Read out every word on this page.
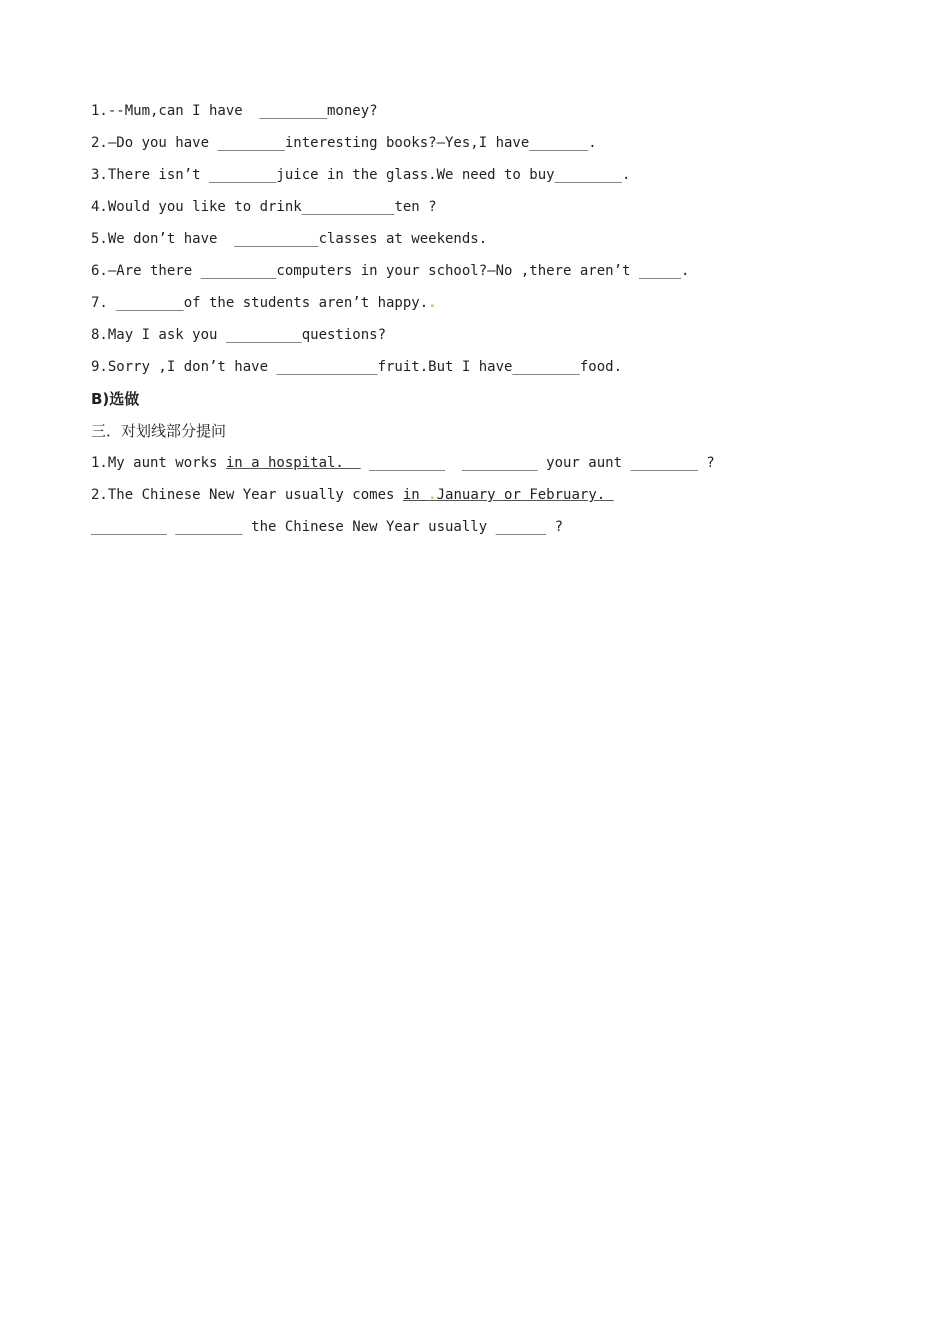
1.--Mum,can I have  ________money?
2.—Do you have ________interesting books?—Yes,I have_______.
3.There isn’t ________juice in the glass.We need to buy________.
4.Would you like to drink___________ten ?
5.We don’t have  __________classes at weekends.
6.—Are there _________computers in your school?—No ,there aren’t _____.
7. ________of the students aren’t happy..
8.May I ask you _________questions?
9.Sorry ,I don’t have ____________fruit.But I have________food.
B)选做
三．对划线部分提问
1.My aunt works in a hospital.   _________  _________ your aunt ________ ?
2.The Chinese New Year usually comes in .January or February.
_________ ________ the Chinese New Year usually ______ ?
